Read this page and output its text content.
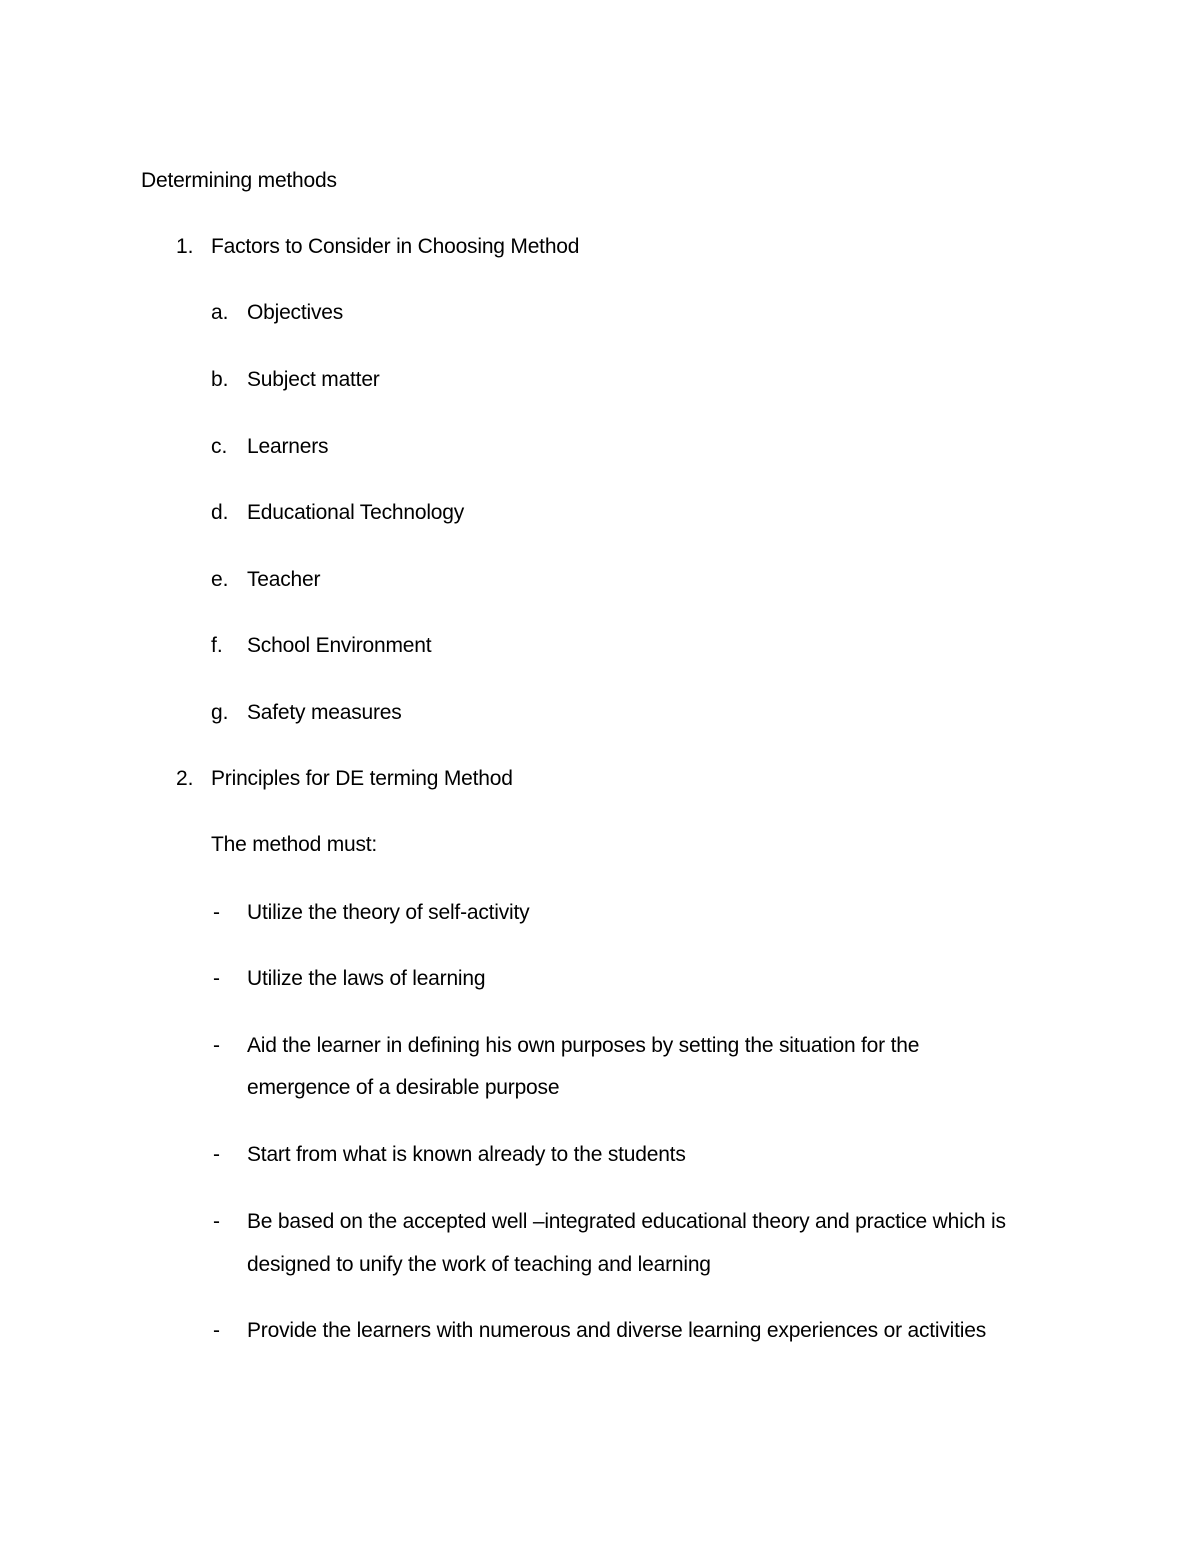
Determining methods
1. Factors to Consider in Choosing Method
a. Objectives
b. Subject matter
c. Learners
d. Educational Technology
e. Teacher
f. School Environment
g. Safety measures
2. Principles for DE terming Method
The method must:
- Utilize the theory of self-activity
- Utilize the laws of learning
- Aid the learner in defining his own purposes by setting the situation for the
emergence of a desirable purpose
- Start from what is known already to the students
- Be based on the accepted well –integrated educational theory and practice which is
designed to unify the work of teaching and learning
- Provide the learners with numerous and diverse learning experiences or activities
